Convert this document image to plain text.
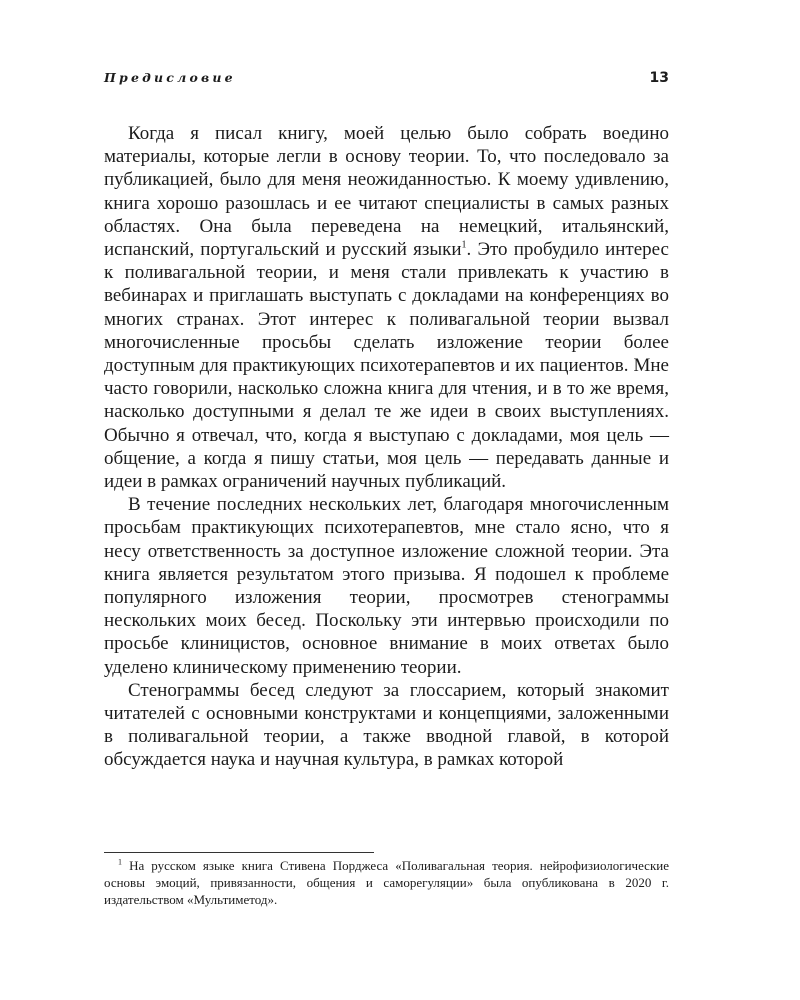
Предисловие	13

Когда я писал книгу, моей целью было собрать воедино материалы, которые легли в основу теории. То, что последовало за публикацией, было для меня неожиданностью. К моему удивлению, книга хорошо разошлась и ее читают специалисты в самых разных областях. Она была переведена на немецкий, итальянский, испанский, португальский и русский языки$^1$. Это пробудило интерес к поливагальной теории, и меня стали привлекать к участию в вебинарах и приглашать выступать с докладами на конференциях во многих странах. Этот интерес к поливагальной теории вызвал многочисленные просьбы сделать изложение теории более доступным для практикующих психотерапевтов и их пациентов. Мне часто говорили, насколько сложна книга для чтения, и в то же время, насколько доступными я делал те же идеи в своих выступлениях. Обычно я отвечал, что, когда я выступаю с докладами, моя цель — общение, а когда я пишу статьи, моя цель — передавать данные и идеи в рамках ограничений научных публикаций.

В течение последних нескольких лет, благодаря многочисленным просьбам практикующих психотерапевтов, мне стало ясно, что я несу ответственность за доступное изложение сложной теории. Эта книга является результатом этого призыва. Я подошел к проблеме популярного изложения теории, просмотрев стенограммы нескольких моих бесед. Поскольку эти интервью происходили по просьбе клиницистов, основное внимание в моих ответах было уделено клиническому применению теории.

Стенограммы бесед следуют за глоссарием, который знакомит читателей с основными конструктами и концепциями, заложенными в поливагальной теории, а также вводной главой, в которой обсуждается наука и научная культура, в рамках которой

$^1$ На русском языке книга Стивена Порджеса «Поливагальная теория. нейрофизиологические основы эмоций, привязанности, общения и саморегуляции» была опубликована в 2020 г. издательством «Мультиметод».
